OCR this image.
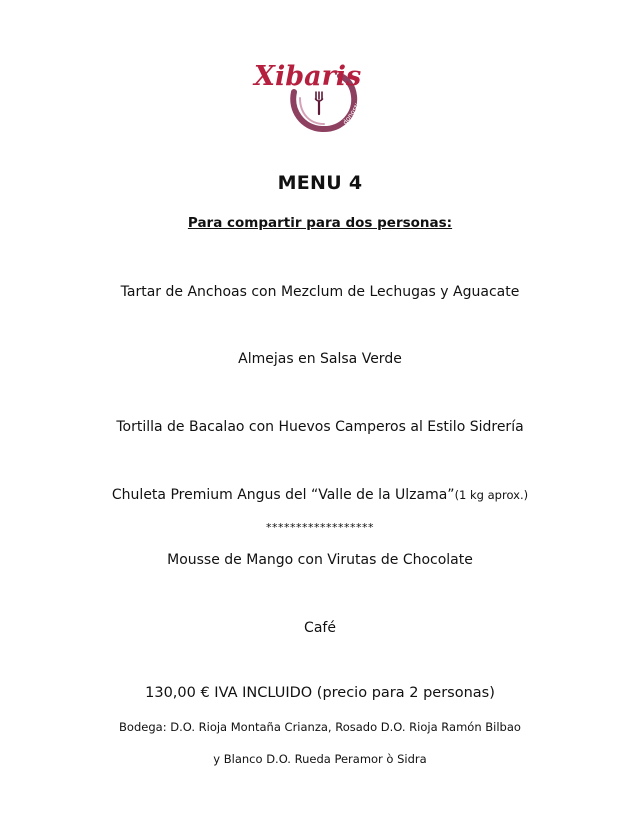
Xibaris
donostia
MENU 4
Para compartir para dos personas:
Tartar de Anchoas con Mezclum de Lechugas y Aguacate
Almejas en Salsa Verde
Tortilla de Bacalao con Huevos Camperos al Estilo Sidrería
Chuleta Premium Angus del “Valle de la Ulzama”(1 kg aprox.)
******************
Mousse de Mango con Virutas de Chocolate
Café
130,00 € IVA INCLUIDO (precio para 2 personas)
Bodega: D.O. Rioja Montaña Crianza, Rosado D.O. Rioja Ramón Bilbao
y Blanco D.O. Rueda Peramor ò Sidra
